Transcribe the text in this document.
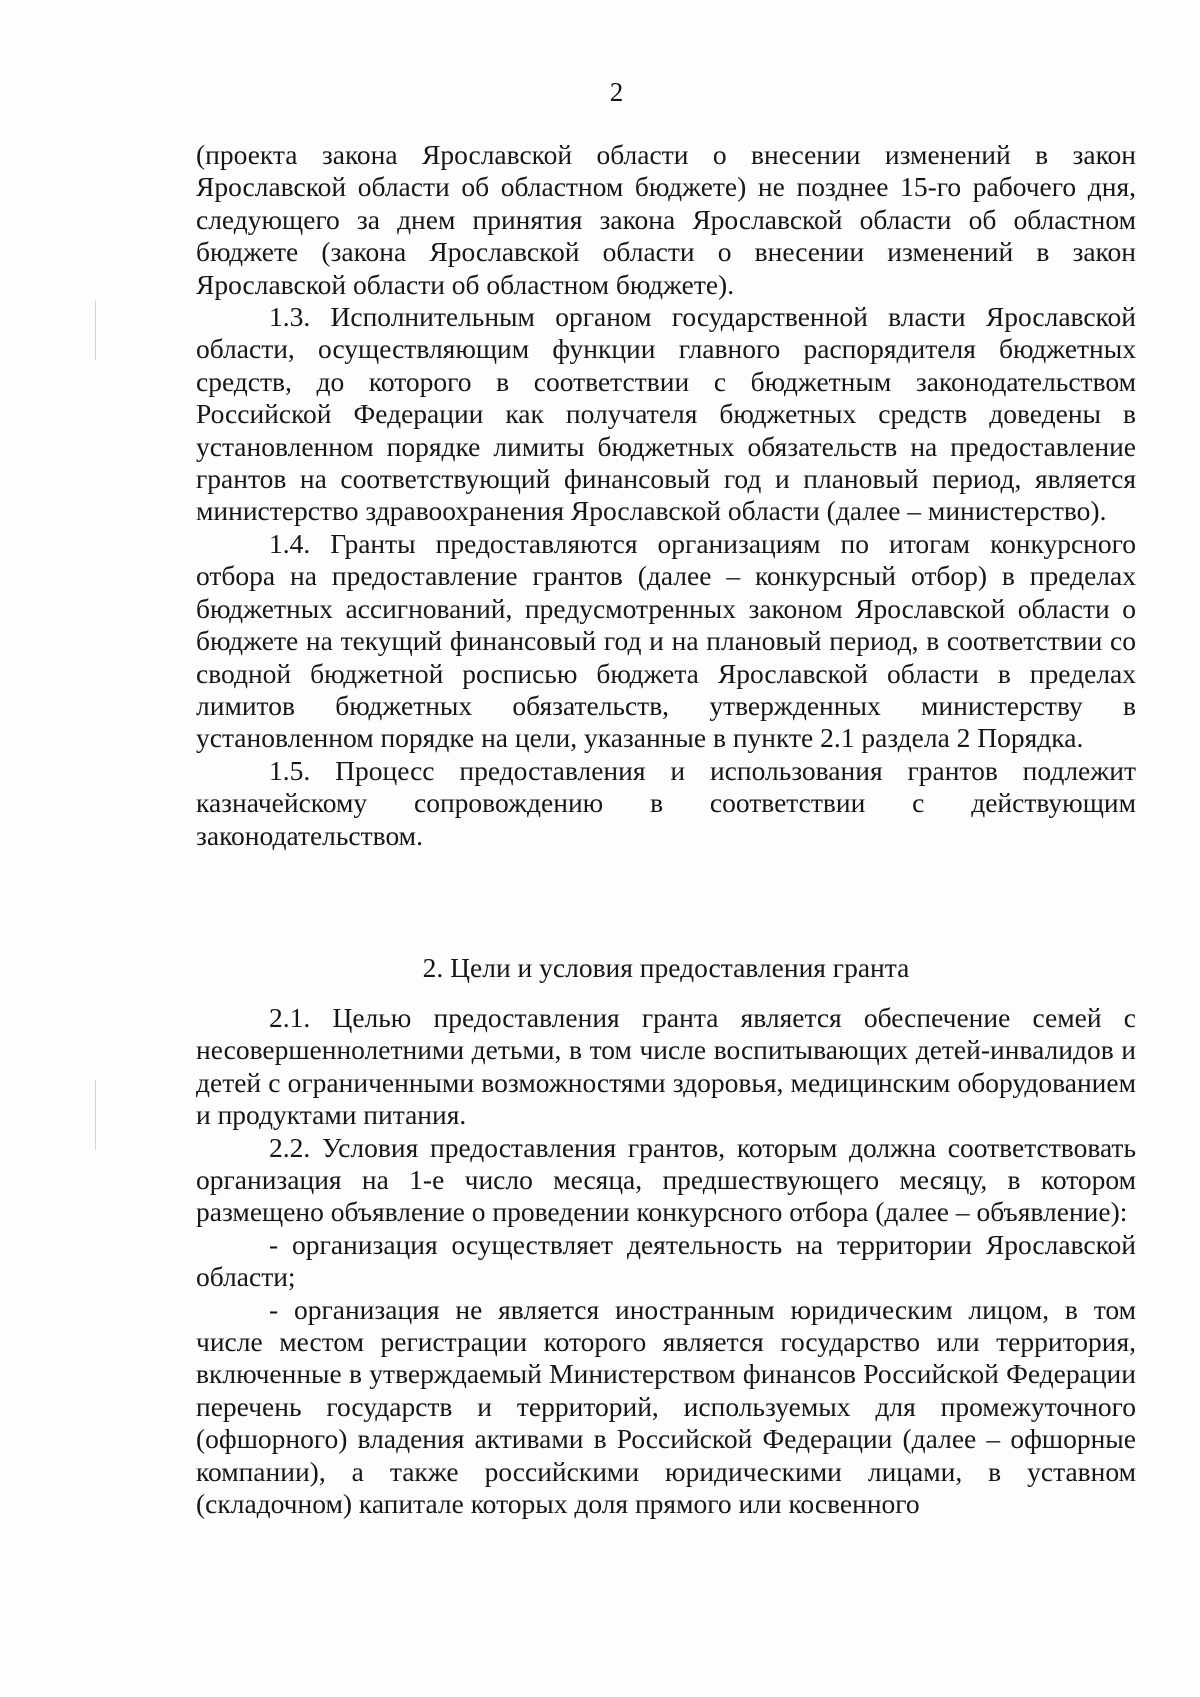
2

(проекта закона Ярославской области о внесении изменений в закон Ярославской области об областном бюджете) не позднее 15-го рабочего дня, следующего за днем принятия закона Ярославской области об областном бюджете (закона Ярославской области о внесении изменений в закон Ярославской области об областном бюджете).

1.3. Исполнительным органом государственной власти Ярославской области, осуществляющим функции главного распорядителя бюджетных средств, до которого в соответствии с бюджетным законодательством Российской Федерации как получателя бюджетных средств доведены в установленном порядке лимиты бюджетных обязательств на предоставление грантов на соответствующий финансовый год и плановый период, является министерство здравоохранения Ярославской области (далее – министерство).

1.4. Гранты предоставляются организациям по итогам конкурсного отбора на предоставление грантов (далее – конкурсный отбор) в пределах бюджетных ассигнований, предусмотренных законом Ярославской области о бюджете на текущий финансовый год и на плановый период, в соответствии со сводной бюджетной росписью бюджета Ярославской области в пределах лимитов бюджетных обязательств, утвержденных министерству в установленном порядке на цели, указанные в пункте 2.1 раздела 2 Порядка.

1.5. Процесс предоставления и использования грантов подлежит казначейскому сопровождению в соответствии с действующим законодательством.

2. Цели и условия предоставления гранта

2.1. Целью предоставления гранта является обеспечение семей с несовершеннолетними детьми, в том числе воспитывающих детей-инвалидов и детей с ограниченными возможностями здоровья, медицинским оборудованием и продуктами питания.

2.2. Условия предоставления грантов, которым должна соответствовать организация на 1-е число месяца, предшествующего месяцу, в котором размещено объявление о проведении конкурсного отбора (далее – объявление):

- организация осуществляет деятельность на территории Ярославской области;

- организация не является иностранным юридическим лицом, в том числе местом регистрации которого является государство или территория, включенные в утверждаемый Министерством финансов Российской Федерации перечень государств и территорий, используемых для промежуточного (офшорного) владения активами в Российской Федерации (далее – офшорные компании), а также российскими юридическими лицами, в уставном (складочном) капитале которых доля прямого или косвенного
